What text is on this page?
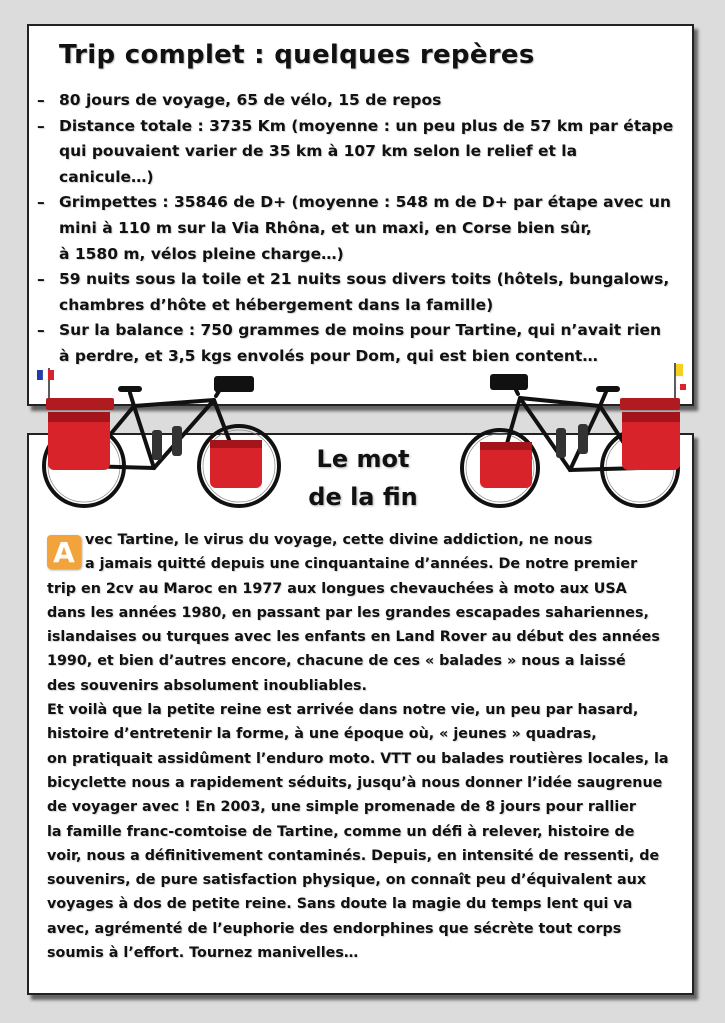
Trip complet : quelques repères
– 80 jours de voyage, 65 de vélo, 15 de repos
– Distance totale : 3735 Km (moyenne : un peu plus de 57 km par étape
qui pouvaient varier de 35 km à 107 km selon le relief et la
canicule…)
– Grimpettes : 35846 de D+ (moyenne : 548 m de D+ par étape avec un
mini à 110 m sur la Via Rhôna, et un maxi, en Corse bien sûr,
à 1580 m, vélos pleine charge…)
– 59 nuits sous la toile et 21 nuits sous divers toits (hôtels, bungalows,
chambres d’hôte et hébergement dans la famille)
– Sur la balance : 750 grammes de moins pour Tartine, qui n’avait rien
à perdre, et 3,5 kgs envolés pour Dom, qui est bien content…
Le mot
de la fin
A vec Tartine, le virus du voyage, cette divine addiction, ne nous
a jamais quitté depuis une cinquantaine d’années. De notre premier
trip en 2cv au Maroc en 1977 aux longues chevauchées à moto aux USA
dans les années 1980, en passant par les grandes escapades sahariennes,
islandaises ou turques avec les enfants en Land Rover au début des années
1990, et bien d’autres encore, chacune de ces « balades » nous a laissé
des souvenirs absolument inoubliables.
Et voilà que la petite reine est arrivée dans notre vie, un peu par hasard,
histoire d’entretenir la forme, à une époque où, « jeunes » quadras,
on pratiquait assidûment l’enduro moto. VTT ou balades routières locales, la
bicyclette nous a rapidement séduits, jusqu’à nous donner l’idée saugrenue
de voyager avec ! En 2003, une simple promenade de 8 jours pour rallier
la famille franc-comtoise de Tartine, comme un défi à relever, histoire de
voir, nous a définitivement contaminés. Depuis, en intensité de ressenti, de
souvenirs, de pure satisfaction physique, on connaît peu d’équivalent aux
voyages à dos de petite reine. Sans doute la magie du temps lent qui va
avec, agrémenté de l’euphorie des endorphines que sécrète tout corps
soumis à l’effort. Tournez manivelles…
